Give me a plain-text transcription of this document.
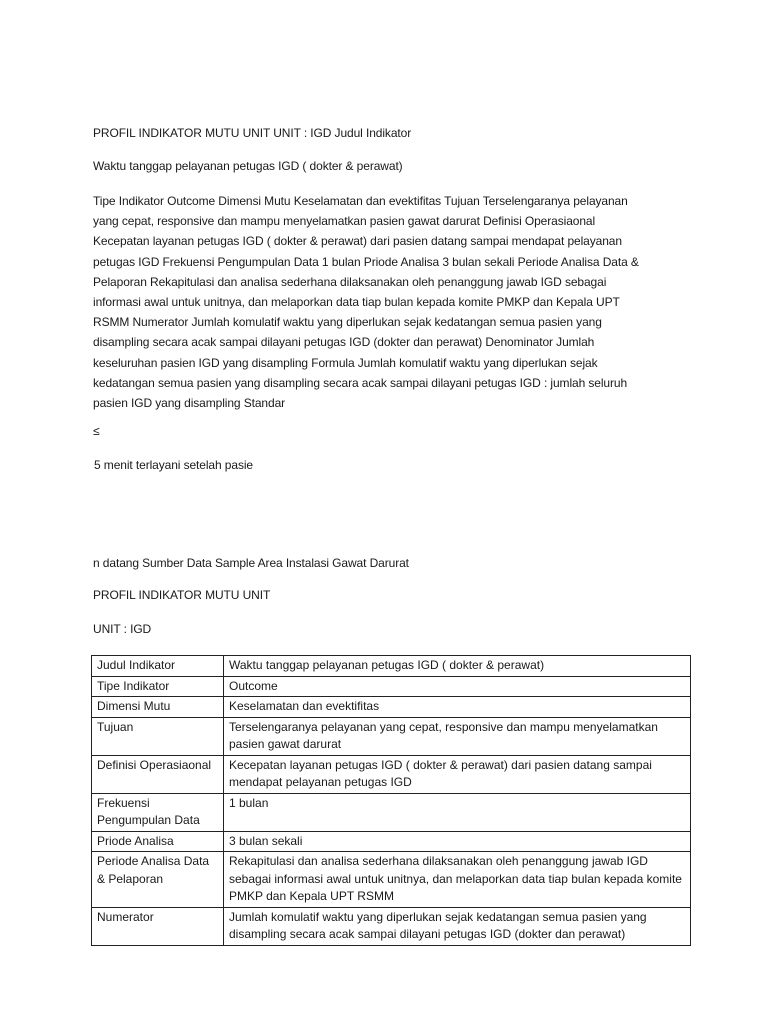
PROFIL INDIKATOR MUTU UNIT UNIT : IGD Judul Indikator
Waktu tanggap pelayanan petugas IGD ( dokter & perawat)
Tipe Indikator Outcome Dimensi Mutu Keselamatan dan evektifitas Tujuan Terselengaranya pelayanan
yang cepat, responsive dan mampu menyelamatkan pasien gawat darurat Definisi Operasiaonal
Kecepatan layanan petugas IGD ( dokter & perawat) dari pasien datang sampai mendapat pelayanan
petugas IGD Frekuensi Pengumpulan Data 1 bulan Priode Analisa 3 bulan sekali Periode Analisa Data &
Pelaporan Rekapitulasi dan analisa sederhana dilaksanakan oleh penanggung jawab IGD sebagai
informasi awal untuk unitnya, dan melaporkan data tiap bulan kepada komite PMKP dan Kepala UPT
RSMM Numerator Jumlah komulatif waktu yang diperlukan sejak kedatangan semua pasien yang
disampling secara acak sampai dilayani petugas IGD (dokter dan perawat) Denominator Jumlah
keseluruhan pasien IGD yang disampling Formula Jumlah komulatif waktu yang diperlukan sejak
kedatangan semua pasien yang disampling secara acak sampai dilayani petugas IGD : jumlah seluruh
pasien IGD yang disampling Standar
≤
5 menit terlayani setelah pasie
n datang Sumber Data Sample Area Instalasi Gawat Darurat
PROFIL INDIKATOR MUTU UNIT
UNIT : IGD
Judul Indikator	Waktu tanggap pelayanan petugas IGD ( dokter & perawat)
Tipe Indikator	Outcome
Dimensi Mutu	Keselamatan dan evektifitas
Tujuan	Terselengaranya pelayanan yang cepat, responsive dan mampu menyelamatkan pasien gawat darurat
Definisi Operasiaonal	Kecepatan layanan petugas IGD ( dokter & perawat) dari pasien datang sampai mendapat pelayanan petugas IGD
Frekuensi Pengumpulan Data	1 bulan
Priode Analisa	3 bulan sekali
Periode Analisa Data & Pelaporan	Rekapitulasi dan analisa sederhana dilaksanakan oleh penanggung jawab IGD sebagai informasi awal untuk unitnya, dan melaporkan data tiap bulan kepada komite PMKP dan Kepala UPT RSMM
Numerator	Jumlah komulatif waktu yang diperlukan sejak kedatangan semua pasien yang disampling secara acak sampai dilayani petugas IGD (dokter dan perawat)
